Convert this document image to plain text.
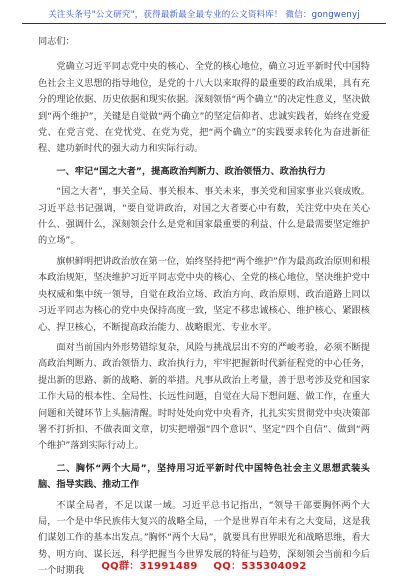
关注头条号"公文研究"，获得最新最全最专业的公文资料库！ 微信：gongwenyj

同志们：

党确立习近平同志党中央的核心、全党的核心地位，确立习近平新时代中国特色社会主义思想的指导地位，是党的十八大以来取得的最重要的政治成果，具有充分的理论依据、历史依据和现实依据。深刻领悟“两个确立”的决定性意义，坚决做到“两个维护”，关键是自觉做“两个确立”的坚定信仰者、忠诚实践者，始终在党爱党、在党言党、在党忧党、在党为党，把“两个确立”的实践要求转化为奋进新征程、建功新时代的强大动力和实际行动。

一、牢记“国之大者”，提高政治判断力、政治领悟力、政治执行力

“国之大者”，事关全局、事关根本、事关未来，事关党和国家事业兴衰成败。习近平总书记强调，“要自觉讲政治，对国之大者要心中有数，关注党中央在关心什么、强调什么，深刻领会什么是党和国家最重要的利益、什么是最需要坚定维护的立场”。

旗帜鲜明把讲政治放在第一位，始终坚持把“两个维护”作为最高政治原则和根本政治规矩，坚决维护习近平同志党中央的核心、全党的核心地位，坚决维护党中央权威和集中统一领导，自觉在政治立场、政治方向、政治原则、政治道路上同以习近平同志为核心的党中央保持高度一致，坚定不移忠诚核心、维护核心、紧跟核心、捍卫核心，不断提高政治能力、战略眼光、专业水平。

面对当前国内外形势错综复杂，风险与挑战层出不穷的严峻考验，必须不断提高政治判断力、政治领悟力、政治执行力，牢牢把握新时代新征程党的中心任务，提出新的思路、新的战略、新的举措。凡事从政治上考量，善于思考涉及党和国家工作大局的根本性、全局性、长远性问题，自觉在大局下想问题、做工作，在重大问题和关键环节上头脑清醒。时时处处向党中央看齐，扎扎实实贯彻党中央决策部署不打折扣、不做表面文章，切实把增强“四个意识”、坚定“四个自信”、做到“两个维护”落到实际行动上。

二、胸怀“两个大局”，坚持用习近平新时代中国特色社会主义思想武装头脑、指导实践、推动工作

不谋全局者，不足以谋一域。习近平总书记指出，“领导干部要胸怀两个大局，一个是中华民族伟大复兴的战略全局，一个是世界百年未有之大变局，这是我们谋划工作的基本出发点。”胸怀“两个大局”，就要具有世界眼光和战略思维，看大势、明方向、谋长远，科学把握当今世界发展的特征与趋势，深刻领会当前和今后一个时期我	QQ群：31991489 QQ：535304092
